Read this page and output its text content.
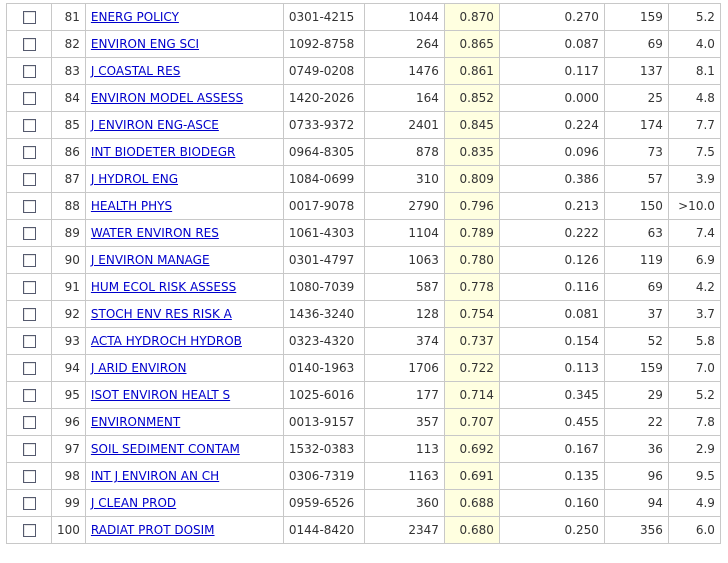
	81	ENERG POLICY	0301-4215	1044	0.870	0.270	159	5.2
	82	ENVIRON ENG SCI	1092-8758	264	0.865	0.087	69	4.0
	83	J COASTAL RES	0749-0208	1476	0.861	0.117	137	8.1
	84	ENVIRON MODEL ASSESS	1420-2026	164	0.852	0.000	25	4.8
	85	J ENVIRON ENG-ASCE	0733-9372	2401	0.845	0.224	174	7.7
	86	INT BIODETER BIODEGR	0964-8305	878	0.835	0.096	73	7.5
	87	J HYDROL ENG	1084-0699	310	0.809	0.386	57	3.9
	88	HEALTH PHYS	0017-9078	2790	0.796	0.213	150	>10.0
	89	WATER ENVIRON RES	1061-4303	1104	0.789	0.222	63	7.4
	90	J ENVIRON MANAGE	0301-4797	1063	0.780	0.126	119	6.9
	91	HUM ECOL RISK ASSESS	1080-7039	587	0.778	0.116	69	4.2
	92	STOCH ENV RES RISK A	1436-3240	128	0.754	0.081	37	3.7
	93	ACTA HYDROCH HYDROB	0323-4320	374	0.737	0.154	52	5.8
	94	J ARID ENVIRON	0140-1963	1706	0.722	0.113	159	7.0
	95	ISOT ENVIRON HEALT S	1025-6016	177	0.714	0.345	29	5.2
	96	ENVIRONMENT	0013-9157	357	0.707	0.455	22	7.8
	97	SOIL SEDIMENT CONTAM	1532-0383	113	0.692	0.167	36	2.9
	98	INT J ENVIRON AN CH	0306-7319	1163	0.691	0.135	96	9.5
	99	J CLEAN PROD	0959-6526	360	0.688	0.160	94	4.9
	100	RADIAT PROT DOSIM	0144-8420	2347	0.680	0.250	356	6.0
